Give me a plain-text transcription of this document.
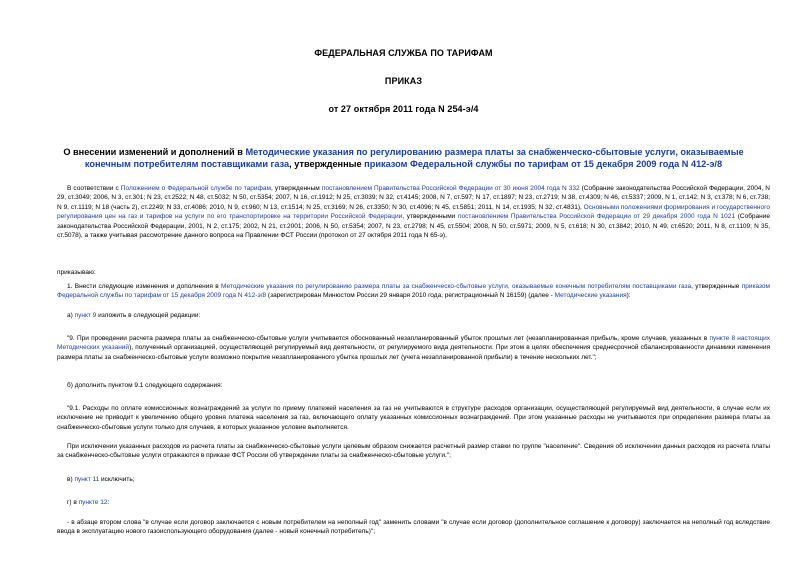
ФЕДЕРАЛЬНАЯ СЛУЖБА ПО ТАРИФАМ
ПРИКАЗ
от 27 октября 2011 года N 254-э/4
О внесении изменений и дополнений в Методические указания по регулированию размера платы за снабженческо-сбытовые услуги, оказываемые конечным потребителям поставщиками газа, утвержденные приказом Федеральной службы по тарифам от 15 декабря 2009 года N 412-э/8

В соответствии с Положением о Федеральной службе по тарифам, утвержденным постановлением Правительства Российской Федерации от 30 июня 2004 года N 332 (Собрание законодательства Российской Федерации, 2004, N 29, ст.3049; 2006, N 3, ст.301; N 23, ст.2522; N 48, ст.5032; N 50, ст.5354; 2007, N 16, ст.1912; N 25, ст.3039; N 32, ст.4145; 2008, N 7, ст.597; N 17, ст.1897; N 23, ст.2719; N 38, ст.4309; N 46, ст.5337; 2009, N 1, ст.142; N 3, ст.378; N 6, ст.738; N 9, ст.1119; N 18 (часть 2), ст.2249; N 33, ст.4086; 2010, N 9, ст.960; N 13, ст.1514; N 25, ст.3169; N 26, ст.3350; N 30, ст.4096; N 45, ст.5851; 2011, N 14, ст.1935; N 32, ст.4831), Основными положениями формирования и государственного регулирования цен на газ и тарифов на услуги по его транспортировке на территории Российской Федерации, утвержденными постановлением Правительства Российской Федерации от 29 декабря 2000 года N 1021 (Собрание законодательства Российской Федерации, 2001, N 2, ст.175; 2002, N 21, ст.2001; 2006, N 50, ст.5354; 2007, N 23, ст.2798; N 45, ст.5504; 2008, N 50, ст.5971; 2009, N 5, ст.618; N 30, ст.3842; 2010, N 49, ст.6520; 2011, N 8, ст.1109; N 35, ст.5078), а также учитывая рассмотрение данного вопроса на Правлении ФСТ России (протокол от 27 октября 2011 года N 65-э),

приказываю:

1. Внести следующие изменения и дополнения в Методические указания по регулированию размера платы за снабженческо-сбытовые услуги, оказываемые конечным потребителям поставщиками газа, утвержденные приказом Федеральной службы по тарифам от 15 декабря 2009 года N 412-э/8 (зарегистрирован Минюстом России 29 января 2010 года, регистрационный N 16159) (далее - Методические указания):

а) пункт 9 изложить в следующей редакции:

"9. При проведении расчета размера платы за снабженческо-сбытовые услуги учитывается обоснованный незапланированный убыток прошлых лет (незапланированная прибыль, кроме случаев, указанных в пункте 8 настоящих Методических указаний), полученный организацией, осуществляющей регулируемый вид деятельности, от регулируемого вида деятельности. При этом в целях обеспечения среднесрочной сбалансированности динамики изменения размера платы за снабженческо-сбытовые услуги возможно покрытие незапланированного убытка прошлых лет (учета незапланированной прибыли) в течение нескольких лет.";

б) дополнить пунктом 9.1 следующего содержания:

"9.1. Расходы по оплате комиссионных вознаграждений за услуги по приему платежей населения за газ не учитываются в структуре расходов организации, осуществляющей регулируемый вид деятельности, в случае если их исключение не приводит к увеличению общего уровня платежа населения за газ, включающего оплату указанных комиссионных вознаграждений. При этом указанные расходы не учитываются при определении размера платы за снабженческо-сбытовые услуги только для случаев, в которых указанное условие выполняется.

При исключении указанных расходов из расчета платы за снабженческо-сбытовые услуги целевым образом снижается расчетный размер ставки по группе "население". Сведения об исключении данных расходов из расчета платы за снабженческо-сбытовые услуги отражаются в приказе ФСТ России об утверждении платы за снабженческо-сбытовые услуги.";

в) пункт 11 исключить;

г) в пункте 12:

- в абзаце втором слова "в случае если договор заключается с новым потребителем на неполный год" заменить словами "в случае если договор (дополнительное соглашение к договору) заключается на неполный год вследствие ввода в эксплуатацию нового газоиспользующего оборудования (далее - новый конечный потребитель)";
